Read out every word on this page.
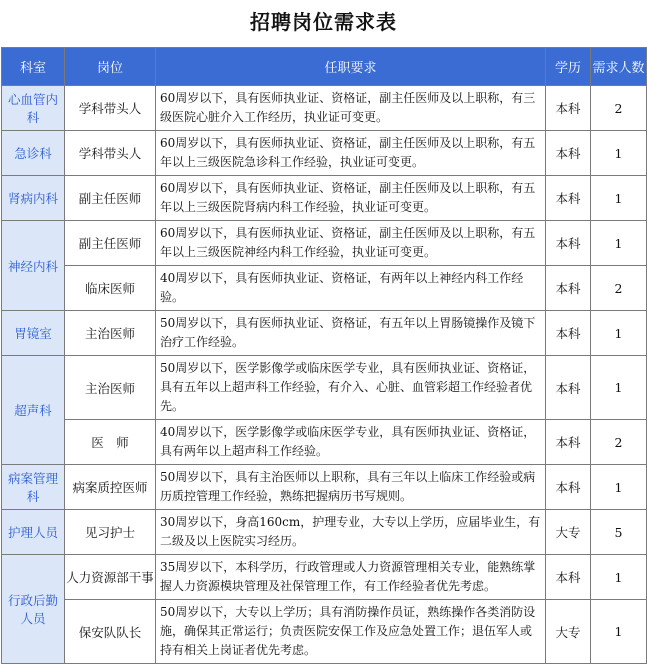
招聘岗位需求表
科室	岗位	任职要求	学历	需求人数
心血管内科	学科带头人	60周岁以下，具有医师执业证、资格证，副主任医师及以上职称，有三级医院心脏介入工作经历，执业证可变更。	本科	2
急诊科	学科带头人	60周岁以下，具有医师执业证、资格证，副主任医师及以上职称，有五年以上三级医院急诊科工作经验，执业证可变更。	本科	1
肾病内科	副主任医师	60周岁以下，具有医师执业证、资格证，副主任医师及以上职称，有五年以上三级医院肾病内科工作经验，执业证可变更。	本科	1
神经内科	副主任医师	60周岁以下，具有医师执业证、资格证，副主任医师及以上职称，有五年以上三级医院神经内科工作经验，执业证可变更。	本科	1
	临床医师	40周岁以下，具有医师执业证、资格证，有两年以上神经内科工作经验。	本科	2
胃镜室	主治医师	50周岁以下，具有医师执业证、资格证，有五年以上胃肠镜操作及镜下治疗工作经验。	本科	1
超声科	主治医师	50周岁以下，医学影像学或临床医学专业，具有医师执业证、资格证，具有五年以上超声科工作经验，有介入、心脏、血管彩超工作经验者优先。	本科	1
	医　师	40周岁以下，医学影像学或临床医学专业，具有医师执业证、资格证，具有两年以上超声科工作经验。	本科	2
病案管理科	病案质控医师	50周岁以下，具有主治医师以上职称，具有三年以上临床工作经验或病历质控管理工作经验，熟练把握病历书写规则。	本科	1
护理人员	见习护士	30周岁以下，身高160cm，护理专业，大专以上学历，应届毕业生，有二级及以上医院实习经历。	大专	5
行政后勤人员	人力资源部干事	35周岁以下，本科学历，行政管理或人力资源管理相关专业，能熟练掌握人力资源模块管理及社保管理工作，有工作经验者优先考虑。	本科	1
	保安队队长	50周岁以下，大专以上学历；具有消防操作员证，熟练操作各类消防设施，确保其正常运行；负责医院安保工作及应急处置工作；退伍军人或持有相关上岗证者优先考虑。	大专	1
